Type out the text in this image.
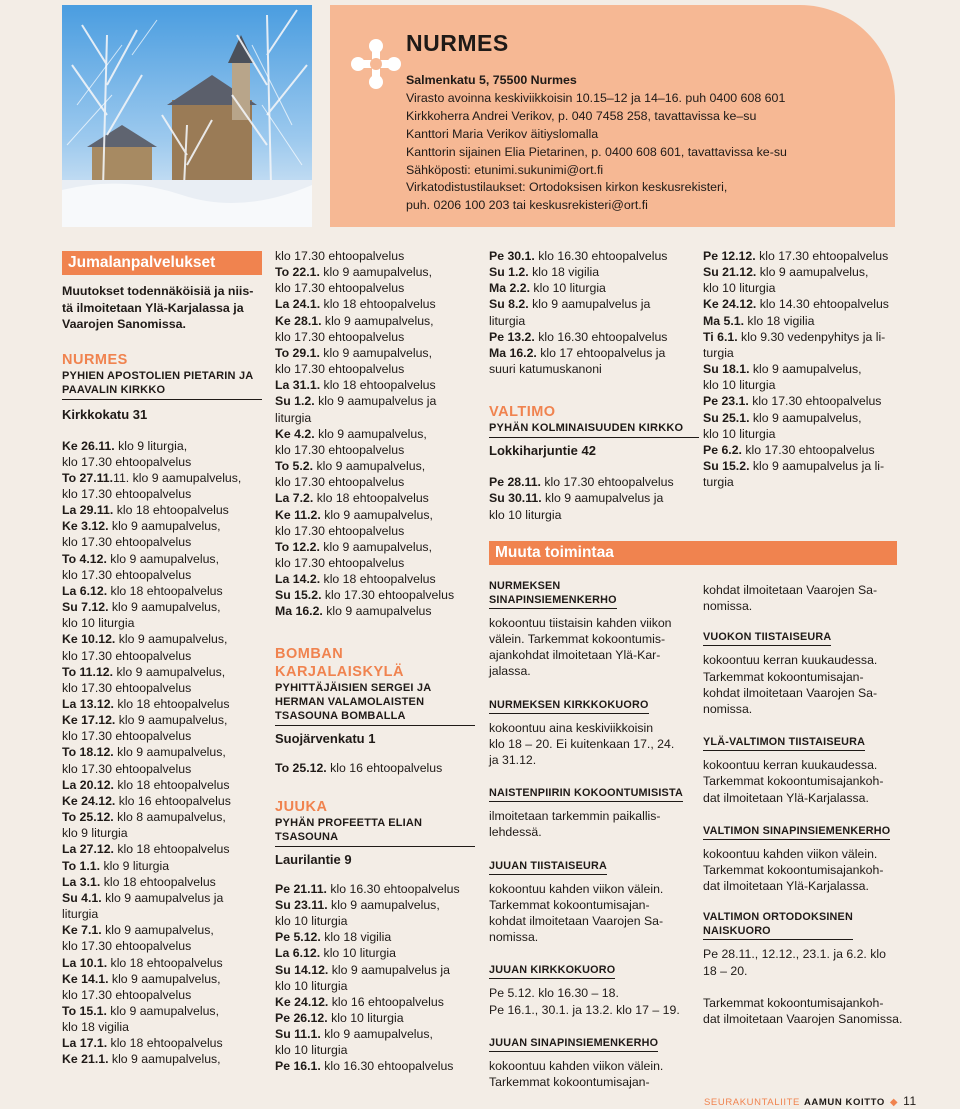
NURMES
Salmenkatu 5, 75500 Nurmes
Virasto avoinna keskiviikkoisin 10.15–12 ja 14–16. puh 0400 608 601
Kirkkoherra Andrei Verikov, p. 040 7458 258, tavattavissa ke–su
Kanttori Maria Verikov äitiyslomalla
Kanttorin sijainen Elia Pietarinen, p. 0400 608 601, tavattavissa ke-su
Sähköposti: etunimi.sukunimi@ort.fi
Virkatodistustilaukset: Ortodoksisen kirkon keskusrekisteri,
puh. 0206 100 203 tai keskusrekisteri@ort.fi
Jumalanpalvelukset
Muutokset todennäköisiä ja niis-
tä ilmoitetaan Ylä-Karjalassa ja
Vaarojen Sanomissa.
NURMES
PYHIEN APOSTOLIEN PIETARIN JA
PAAVALIN KIRKKO
Kirkkokatu 31
Ke 26.11. klo 9 liturgia,
klo 17.30 ehtoopalvelus
To 27.11.11. klo 9 aamupalvelus,
klo 17.30 ehtoopalvelus
La 29.11. klo 18 ehtoopalvelus
Ke 3.12. klo 9 aamupalvelus,
klo 17.30 ehtoopalvelus
To 4.12. klo 9 aamupalvelus,
klo 17.30 ehtoopalvelus
La 6.12. klo 18 ehtoopalvelus
Su 7.12. klo 9 aamupalvelus,
klo 10 liturgia
Ke 10.12. klo 9 aamupalvelus,
klo 17.30 ehtoopalvelus
To 11.12. klo 9 aamupalvelus,
klo 17.30 ehtoopalvelus
La 13.12. klo 18 ehtoopalvelus
Ke 17.12. klo 9 aamupalvelus,
klo 17.30 ehtoopalvelus
To 18.12. klo 9 aamupalvelus,
klo 17.30 ehtoopalvelus
La 20.12. klo 18 ehtoopalvelus
Ke 24.12. klo 16 ehtoopalvelus
To 25.12. klo 8 aamupalvelus,
klo 9 liturgia
La 27.12. klo 18 ehtoopalvelus
To 1.1. klo 9 liturgia
La 3.1. klo 18 ehtoopalvelus
Su 4.1. klo 9 aamupalvelus ja
liturgia
Ke 7.1. klo 9 aamupalvelus,
klo 17.30 ehtoopalvelus
La 10.1. klo 18 ehtoopalvelus
Ke 14.1. klo 9 aamupalvelus,
klo 17.30 ehtoopalvelus
To 15.1. klo 9 aamupalvelus,
klo 18 vigilia
La 17.1. klo 18 ehtoopalvelus
Ke 21.1. klo 9 aamupalvelus,
klo 17.30 ehtoopalvelus
To 22.1. klo 9 aamupalvelus,
klo 17.30 ehtoopalvelus
La 24.1. klo 18 ehtoopalvelus
Ke 28.1. klo 9 aamupalvelus,
klo 17.30 ehtoopalvelus
To 29.1. klo 9 aamupalvelus,
klo 17.30 ehtoopalvelus
La 31.1. klo 18 ehtoopalvelus
Su 1.2. klo 9 aamupalvelus ja
liturgia
Ke 4.2. klo 9 aamupalvelus,
klo 17.30 ehtoopalvelus
To 5.2. klo 9 aamupalvelus,
klo 17.30 ehtoopalvelus
La 7.2. klo 18 ehtoopalvelus
Ke 11.2. klo 9 aamupalvelus,
klo 17.30 ehtoopalvelus
To 12.2. klo 9 aamupalvelus,
klo 17.30 ehtoopalvelus
La 14.2. klo 18 ehtoopalvelus
Su 15.2. klo 17.30 ehtoopalvelus
Ma 16.2. klo 9 aamupalvelus
BOMBAN KARJALAISKYLÄ
PYHITTÄJÄISIEN SERGEI JA
HERMAN VALAMOLAISTEN
TSASOUNA BOMBALLA
Suojärvenkatu 1
To 25.12. klo 16 ehtoopalvelus
JUUKA
PYHÄN PROFEETTA ELIAN
TSASOUNA
Laurilantie 9
Pe 21.11. klo 16.30 ehtoopalvelus
Su 23.11. klo 9 aamupalvelus,
klo 10 liturgia
Pe 5.12. klo 18 vigilia
La 6.12. klo 10 liturgia
Su 14.12. klo 9 aamupalvelus ja
klo 10 liturgia
Ke 24.12. klo 16 ehtoopalvelus
Pe 26.12. klo 10 liturgia
Su 11.1. klo 9 aamupalvelus,
klo 10 liturgia
Pe 16.1. klo 16.30 ehtoopalvelus
Pe 30.1. klo 16.30 ehtoopalvelus
Su 1.2. klo 18 vigilia
Ma 2.2. klo 10 liturgia
Su 8.2. klo 9 aamupalvelus ja
liturgia
Pe 13.2. klo 16.30 ehtoopalvelus
Ma 16.2. klo 17 ehtoopalvelus ja
suuri katumuskanoni
VALTIMO
PYHÄN KOLMINAISUUDEN KIRKKO
Lokkiharjuntie 42
Pe 28.11. klo 17.30 ehtoopalvelus
Su 30.11. klo 9 aamupalvelus ja
klo 10 liturgia
Muuta toimintaa
NURMEKSEN
SINAPINSIEMENKERHO
kokoontuu tiistaisin kahden viikon
välein. Tarkemmat kokoontumis-
ajankohdat ilmoitetaan Ylä-Kar-
jalassa.
NURMEKSEN KIRKKOKUORO
kokoontuu aina keskiviikkoisin
klo 18 – 20. Ei kuitenkaan 17., 24.
ja 31.12.
NAISTENPIIRIN KOKOONTUMISISTA
ilmoitetaan tarkemmin paikallis-
lehdessä.
JUUAN TIISTAISEURA
kokoontuu kahden viikon välein.
Tarkemmat kokoontumisajan-
kohdat ilmoitetaan Vaarojen Sa-
nomissa.
JUUAN KIRKKOKUORO
Pe 5.12. klo 16.30 – 18.
Pe 16.1., 30.1. ja 13.2. klo 17 – 19.
JUUAN SINAPINSIEMENKERHO
kokoontuu kahden viikon välein.
Tarkemmat kokoontumisajan-
Pe 12.12. klo 17.30 ehtoopalvelus
Su 21.12. klo 9 aamupalvelus,
klo 10 liturgia
Ke 24.12. klo 14.30 ehtoopalvelus
Ma 5.1. klo 18 vigilia
Ti 6.1. klo 9.30 vedenpyhitys ja li-
turgia
Su 18.1. klo 9 aamupalvelus,
klo 10 liturgia
Pe 23.1. klo 17.30 ehtoopalvelus
Su 25.1. klo 9 aamupalvelus,
klo 10 liturgia
Pe 6.2. klo 17.30 ehtoopalvelus
Su 15.2. klo 9 aamupalvelus ja li-
turgia
kohdat ilmoitetaan Vaarojen Sa-
nomissa.
VUOKON TIISTAISEURA
kokoontuu kerran kuukaudessa.
Tarkemmat kokoontumisajan-
kohdat ilmoitetaan Vaarojen Sa-
nomissa.
YLÄ-VALTIMON TIISTAISEURA
kokoontuu kerran kuukaudessa.
Tarkemmat kokoontumisajankoh-
dat ilmoitetaan Ylä-Karjalassa.
VALTIMON SINAPINSIEMENKERHO
kokoontuu kahden viikon välein.
Tarkemmat kokoontumisajankoh-
dat ilmoitetaan Ylä-Karjalassa.
VALTIMON ORTODOKSINEN
NAISKUORO
Pe 28.11., 12.12., 23.1. ja 6.2. klo
18 – 20.

Tarkemmat kokoontumisajankoh-
dat ilmoitetaan Vaarojen Sanomissa.
SEURAKUNTALIITE AAMUN KOITTO ◆ 11
